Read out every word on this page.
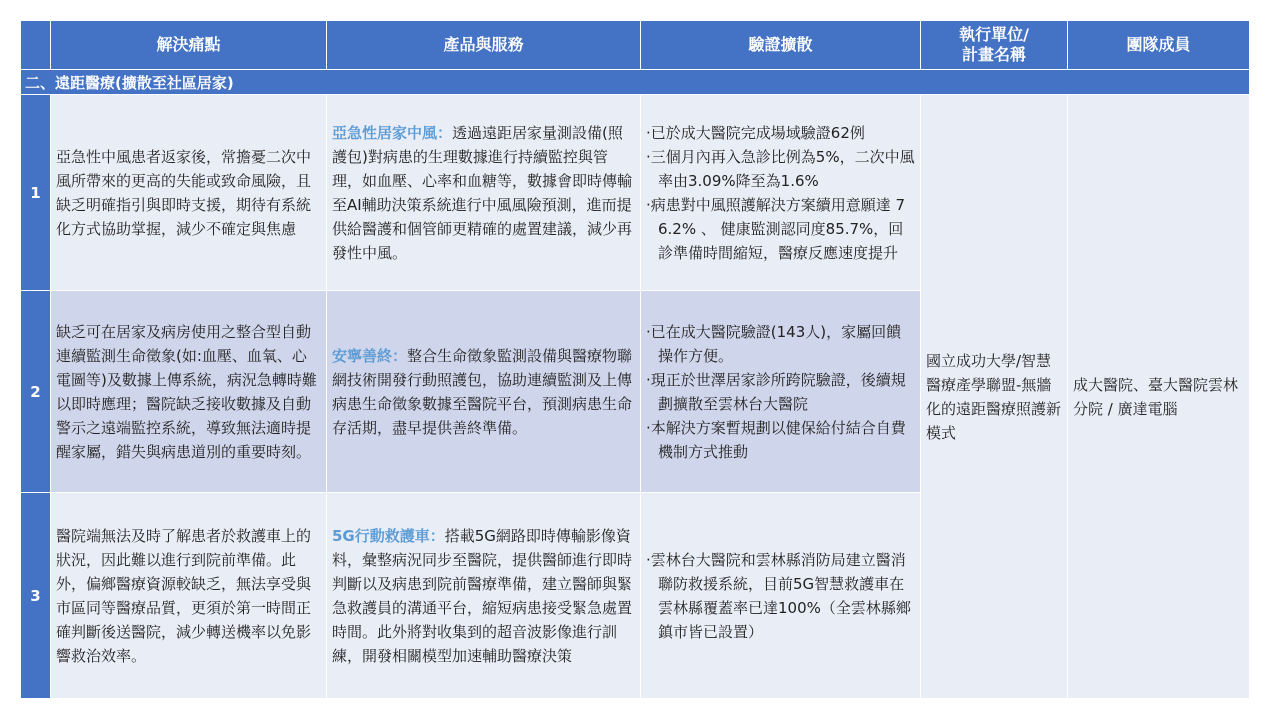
	解決痛點	產品與服務	驗證擴散	執行單位/
計畫名稱	團隊成員
二、遠距醫療(擴散至社區居家)					
1	亞急性中風患者返家後，常擔憂二次中風所帶來的更高的失能或致命風險，且缺乏明確指引與即時支援，期待有系統化方式協助掌握，減少不確定與焦慮	亞急性居家中風：透過遠距居家量測設備(照護包)對病患的生理數據進行持續監控與管理，如血壓、心率和血糖等，數據會即時傳輸至AI輔助決策系統進行中風風險預測，進而提供給醫護和個管師更精確的處置建議，減少再發性中風。	·已於成大醫院完成場域驗證62例
·三個月內再入急診比例為5%，二次中風率由3.09%降至為1.6%
·病患對中風照護解決方案續用意願達 76.2% 、 健康監測認同度85.7%，回診準備時間縮短，醫療反應速度提升	國立成功大學/智慧醫療產學聯盟-無牆化的遠距醫療照護新模式	成大醫院、臺大醫院雲林分院 / 廣達電腦
2	缺乏可在居家及病房使用之整合型自動連續監測生命徵象(如:血壓、血氧、心電圖等)及數據上傳系統，病況急轉時難以即時應理；醫院缺乏接收數據及自動警示之遠端監控系統，導致無法適時提醒家屬，錯失與病患道別的重要時刻。	安寧善終：整合生命徵象監測設備與醫療物聯網技術開發行動照護包，協助連續監測及上傳病患生命徵象數據至醫院平台，預測病患生命存活期，盡早提供善終準備。	·已在成大醫院驗證(143人)，家屬回饋操作方便。
·現正於世澤居家診所跨院驗證，後續規劃擴散至雲林台大醫院
·本解決方案暫規劃以健保給付結合自費機制方式推動		

3	醫院端無法及時了解患者於救護車上的狀況，因此難以進行到院前準備。此外，偏鄉醫療資源較缺乏，無法享受與市區同等醫療品質，更須於第一時間正確判斷後送醫院，減少轉送機率以免影響救治效率。	5G行動救護車：搭載5G網路即時傳輸影像資料，彙整病況同步至醫院，提供醫師進行即時判斷以及病患到院前醫療準備，建立醫師與緊急救護員的溝通平台，縮短病患接受緊急處置時間。此外將對收集到的超音波影像進行訓練，開發相關模型加速輔助醫療決策	·雲林台大醫院和雲林縣消防局建立醫消聯防救援系統，目前5G智慧救護車在雲林縣覆蓋率已達100%（全雲林縣鄉鎮市皆已設置）		
